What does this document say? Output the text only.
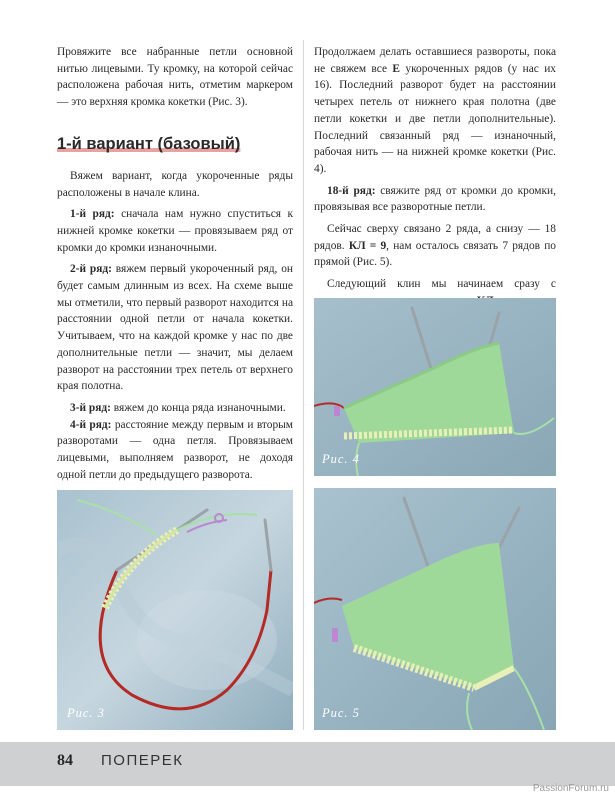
Провяжите все набранные петли основной нитью лицевыми. Ту кромку, на которой сейчас расположена рабочая нить, отметим маркером — это верхняя кромка кокетки (Рис. 3).

1-й вариант (базовый)

Вяжем вариант, когда укороченные ряды расположены в начале клина.

1-й ряд: сначала нам нужно спуститься к нижней кромке кокетки — провязываем ряд от кромки до кромки изнаночными.

2-й ряд: вяжем первый укороченный ряд, он будет самым длинным из всех. На схеме выше мы отметили, что первый разворот находится на расстоянии одной петли от начала кокетки. Учитываем, что на каждой кромке у нас по две дополнительные петли — значит, мы делаем разворот на расстоянии трех петель от верхнего края полотна.

3-й ряд: вяжем до конца ряда изнаночными.

4-й ряд: расстояние между первым и вторым разворотами — одна петля. Провязываем лицевыми, выполняем разворот, не доходя одной петли до предыдущего разворота.

Продолжаем делать оставшиеся развороты, пока не свяжем все Е укороченных рядов (у нас их 16). Последний разворот будет на расстоянии четырех петель от нижнего края полотна (две петли кокетки и две петли дополнительные). Последний связанный ряд — изнаночный, рабочая нить — на нижней кромке кокетки (Рис. 4).

18-й ряд: свяжите ряд от кромки до кромки, провязывая все разворотные петли.

Сейчас сверху связано 2 ряда, а снизу — 18 рядов. КЛ = 9, нам осталось связать 7 рядов по прямой (Рис. 5).

Следующий клин мы начинаем сразу с

Рис. 3
Рис. 4
Рис. 5
84 ПОПЕРЕК
PassionForum.ru
